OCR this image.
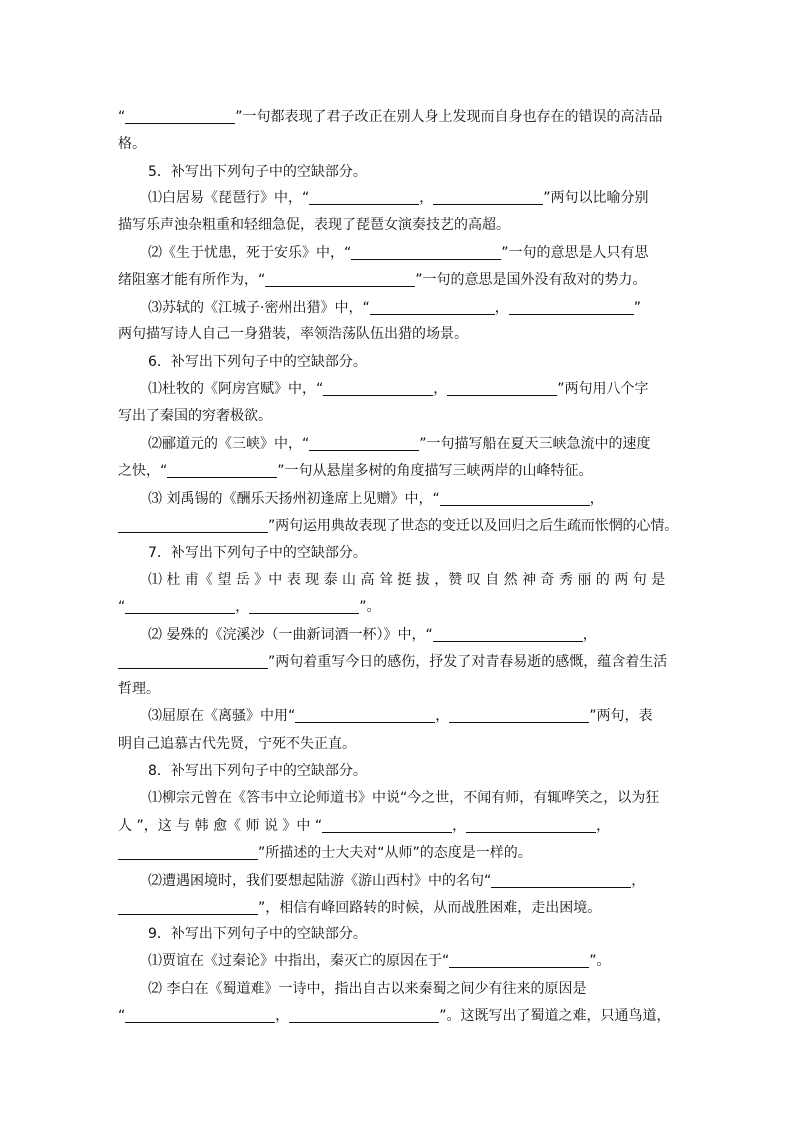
“	”一句都表现了君子改正在别人身上发现而自身也存在的错误的高洁品
格。
5．补写出下列句子中的空缺部分。
⑴白居易《琵琶行》中，“	，	”两句以比喻分别
描写乐声浊杂粗重和轻细急促，表现了琵琶女演奏技艺的高超。
⑵《生于忧患，死于安乐》中，“	”一句的意思是人只有思
绪阻塞才能有所作为，“	”一句的意思是国外没有敌对的势力。
⑶苏轼的《江城子·密州出猎》中，“	，	”
两句描写诗人自己一身猎装，率领浩荡队伍出猎的场景。
6．补写出下列句子中的空缺部分。
⑴杜牧的《阿房宫赋》中，“	，	”两句用八个字
写出了秦国的穷奢极欲。
⑵郦道元的《三峡》中，“	”一句描写船在夏天三峡急流中的速度
之快，“	”一句从悬崖多树的角度描写三峡两岸的山峰特征。
⑶ 刘禹锡的《酬乐天扬州初逢席上见赠》中，“	，
”两句运用典故表现了世态的变迁以及回归之后生疏而怅惘的心情。
7．补写出下列句子中的空缺部分。
⑴ 杜 甫《 望 岳 》中 表 现 泰 山 高 耸 挺 拔 ，赞 叹 自 然 神 奇 秀 丽 的 两 句 是
“	，	”。
⑵ 晏殊的《浣溪沙（一曲新词酒一杯）》中，“	，
”两句着重写今日的感伤，抒发了对青春易逝的感慨，蕴含着生活
哲理。
⑶屈原在《离骚》中用“	，	”两句，表
明自己追慕古代先贤，宁死不失正直。
8．补写出下列句子中的空缺部分。
⑴柳宗元曾在《答韦中立论师道书》中说“今之世，不闻有师，有辄哗笑之，以为狂
人 ”，这 与 韩 愈《 师 说 》中 “	，	，
”所描述的士大夫对“从师”的态度是一样的。
⑵遭遇困境时，我们要想起陆游《游山西村》中的名句“	，
”，相信有峰回路转的时候，从而战胜困难，走出困境。
9．补写出下列句子中的空缺部分。
⑴贾谊在《过秦论》中指出，秦灭亡的原因在于“	”。
⑵ 李白在《蜀道难》一诗中，指出自古以来秦蜀之间少有往来的原因是
“	，	”。这既写出了蜀道之难，只通鸟道，
